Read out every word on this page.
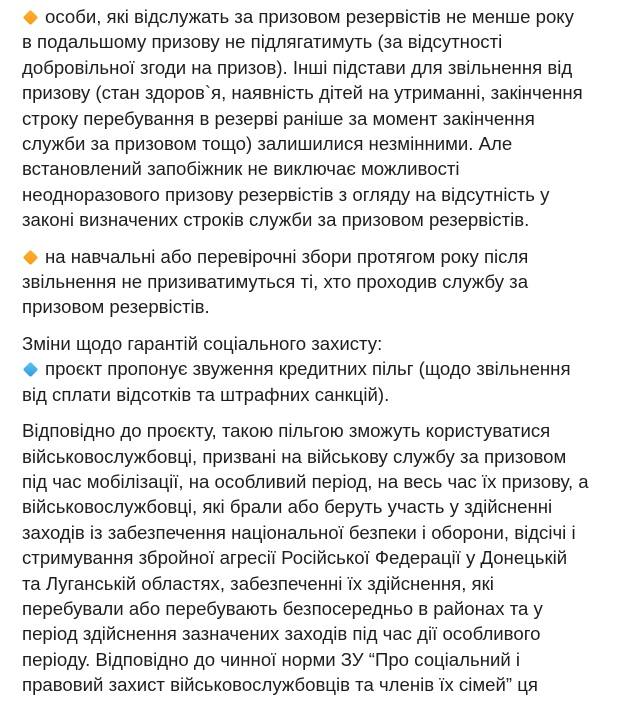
особи, які відслужать за призовом резервістів не менше року
в подальшому призову не підлягатимуть (за відсутності
добровільної згоди на призов). Інші підстави для звільнення від
призову (стан здоров`я, наявність дітей на утриманні, закінчення
строку перебування в резерві раніше за момент закінчення
служби за призовом тощо) залишилися незмінними. Але
встановлений запобіжник не виключає можливості
неодноразового призову резервістів з огляду на відсутність у
законі визначених строків служби за призовом резервістів.
на навчальні або перевірочні збори протягом року після
звільнення не призиватимуться ті, хто проходив службу за
призовом резервістів.
Зміни щодо гарантій соціального захисту:
проєкт пропонує звуження кредитних пільг (щодо звільнення
від сплати відсотків та штрафних санкцій).
Відповідно до проєкту, такою пільгою зможуть користуватися
військовослужбовці, призвані на військову службу за призовом
під час мобілізації, на особливий період, на весь час їх призову, а
військовослужбовці, які брали або беруть участь у здійсненні
заходів із забезпечення національної безпеки і оборони, відсічі і
стримування збройної агресії Російської Федерації у Донецькій
та Луганській областях, забезпеченні їх здійснення, які
перебували або перебувають безпосередньо в районах та у
період здійснення зазначених заходів під час дії особливого
періоду. Відповідно до чинної норми ЗУ “Про соціальний і
правовий захист військовослужбовців та членів їх сімей” ця
